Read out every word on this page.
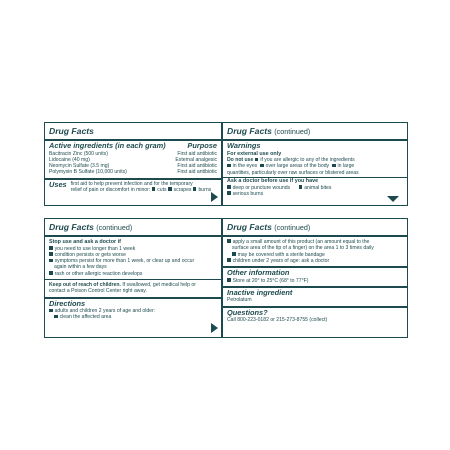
Drug Facts
Active ingredients (in each gram)	Purpose
Bacitracin Zinc (500 units)	First aid antibiotic
Lidocaine (40 mg)	External analgesic
Neomycin Sulfate (3.5 mg)	First aid antibiotic
Polymyxin B Sulfate (10,000 units)	First aid antibiotic
Uses first aid to help prevent infection and for the temporary
relief of pain or discomfort in minor: cuts scrapes burns
Drug Facts (continued)
Warnings
For external use only
Do not use if you are allergic to any of the ingredients
in the eyes over large areas of the body in large
quantities, particularly over raw surfaces or blistered areas
Ask a doctor before use if you have
deep or puncture wounds	animal bites
serious burns
Drug Facts (continued)
Stop use and ask a doctor if
you need to use longer than 1 week
condition persists or gets worse
symptoms persist for more than 1 week, or clear up and occur
again within a few days
rash or other allergic reaction develops
Keep out of reach of children. If swallowed, get medical help or
contact a Poison Control Center right away.
Directions
adults and children 2 years of age and older:
clean the affected area
Drug Facts (continued)
apply a small amount of this product (an amount equal to the
surface area of the tip of a finger) on the area 1 to 3 times daily
may be covered with a sterile bandage
children under 2 years of age: ask a doctor
Other information
Store at 20° to 25°C (68° to 77°F)
Inactive ingredient
Petrolatum
Questions?
Call 800-223-0182 or 215-273-8755 (collect)
